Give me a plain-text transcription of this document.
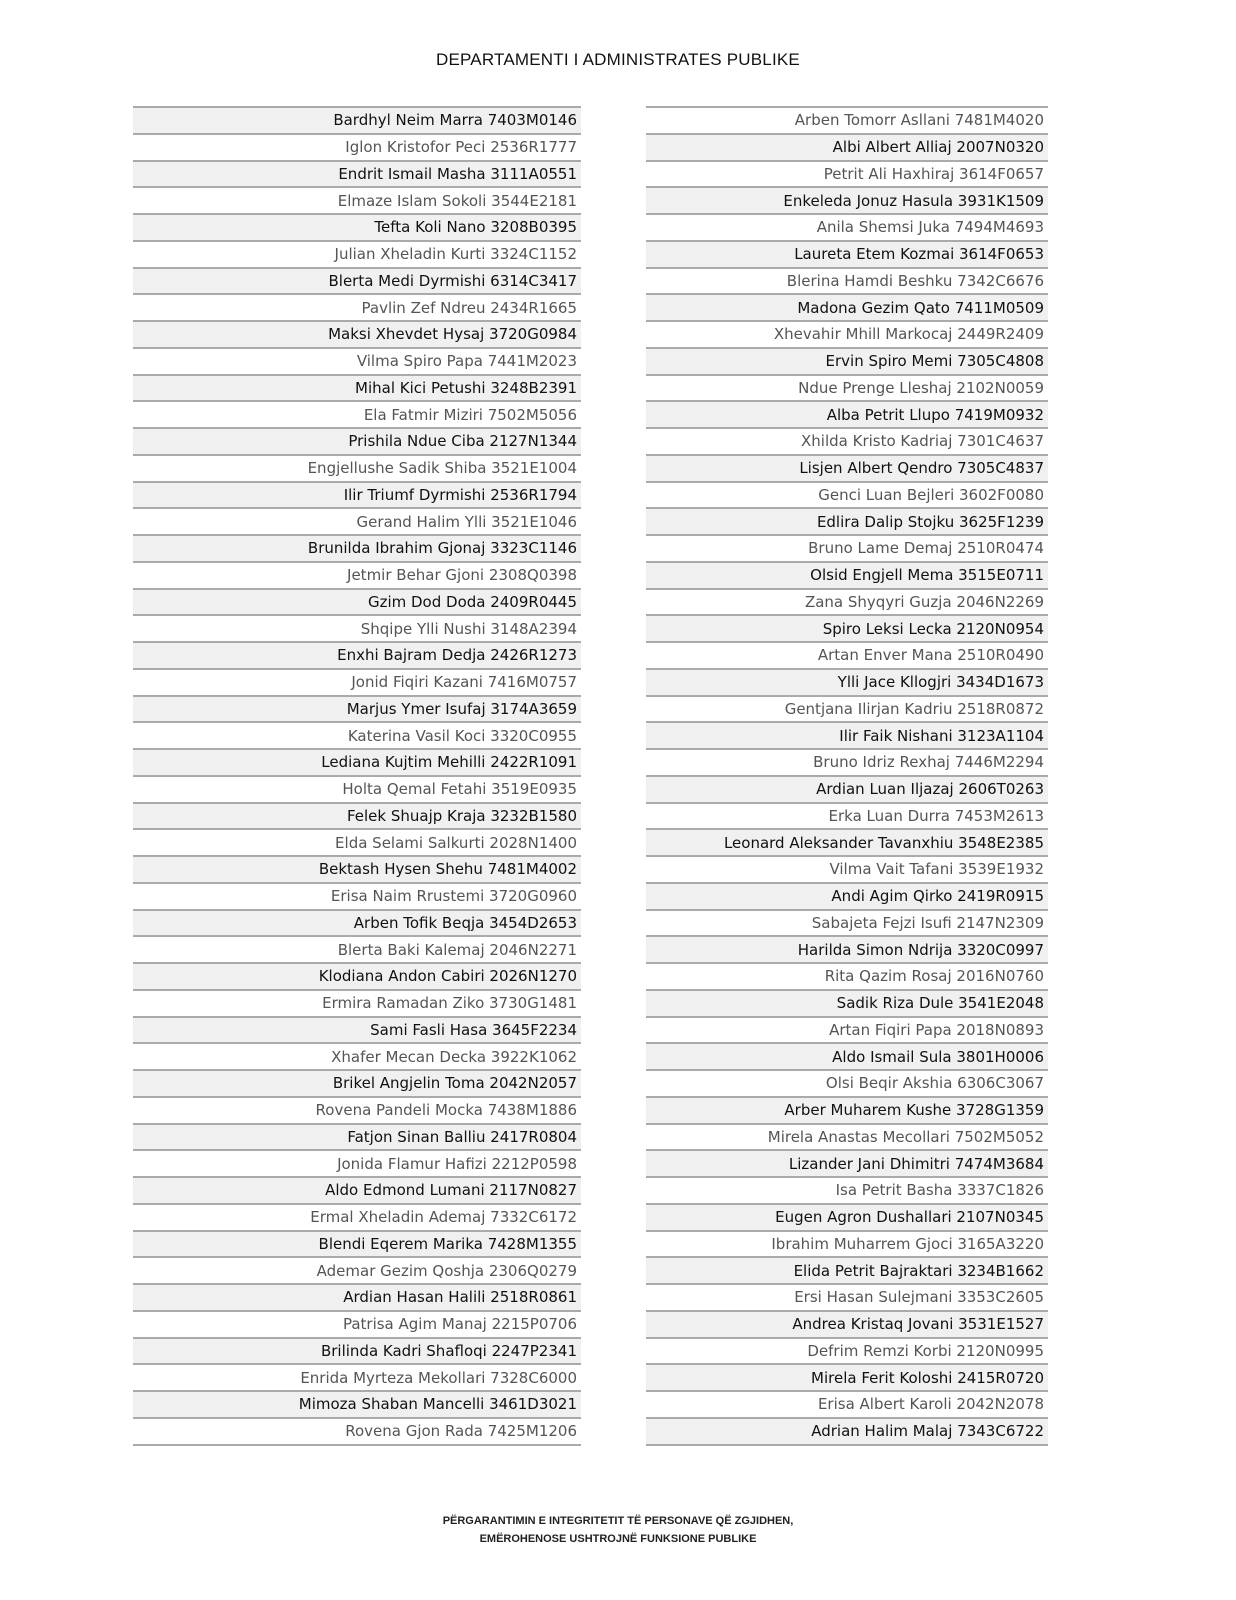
DEPARTAMENTI I ADMINISTRATES PUBLIKE
Bardhyl Neim Marra 7403M0146
Iglon Kristofor Peci 2536R1777
Endrit Ismail Masha 3111A0551
Elmaze Islam Sokoli 3544E2181
Tefta Koli Nano 3208B0395
Julian Xheladin Kurti 3324C1152
Blerta Medi Dyrmishi 6314C3417
Pavlin Zef Ndreu 2434R1665
Maksi Xhevdet Hysaj 3720G0984
Vilma Spiro Papa 7441M2023
Mihal Kici Petushi 3248B2391
Ela Fatmir Miziri 7502M5056
Prishila Ndue Ciba 2127N1344
Engjellushe Sadik Shiba 3521E1004
Ilir Triumf Dyrmishi 2536R1794
Gerand Halim Ylli 3521E1046
Brunilda Ibrahim Gjonaj 3323C1146
Jetmir Behar Gjoni 2308Q0398
Gzim Dod Doda 2409R0445
Shqipe Ylli Nushi 3148A2394
Enxhi Bajram Dedja 2426R1273
Jonid Fiqiri Kazani 7416M0757
Marjus Ymer Isufaj 3174A3659
Katerina Vasil Koci 3320C0955
Lediana Kujtim Mehilli 2422R1091
Holta Qemal Fetahi 3519E0935
Felek Shuajp Kraja 3232B1580
Elda Selami Salkurti 2028N1400
Bektash Hysen Shehu 7481M4002
Erisa Naim Rrustemi 3720G0960
Arben Tofik Beqja 3454D2653
Blerta Baki Kalemaj 2046N2271
Klodiana Andon Cabiri 2026N1270
Ermira Ramadan Ziko 3730G1481
Sami Fasli Hasa 3645F2234
Xhafer Mecan Decka 3922K1062
Brikel Angjelin Toma 2042N2057
Rovena Pandeli Mocka 7438M1886
Fatjon Sinan Balliu 2417R0804
Jonida Flamur Hafizi 2212P0598
Aldo Edmond Lumani 2117N0827
Ermal Xheladin Ademaj 7332C6172
Blendi Eqerem Marika 7428M1355
Ademar Gezim Qoshja 2306Q0279
Ardian Hasan Halili 2518R0861
Patrisa Agim Manaj 2215P0706
Brilinda Kadri Shafloqi 2247P2341
Enrida Myrteza Mekollari 7328C6000
Mimoza Shaban Mancelli 3461D3021
Rovena Gjon Rada 7425M1206
Arben Tomorr Asllani 7481M4020
Albi Albert Alliaj 2007N0320
Petrit Ali Haxhiraj 3614F0657
Enkeleda Jonuz Hasula 3931K1509
Anila Shemsi Juka 7494M4693
Laureta Etem Kozmai 3614F0653
Blerina Hamdi Beshku 7342C6676
Madona Gezim Qato 7411M0509
Xhevahir Mhill Markocaj 2449R2409
Ervin Spiro Memi 7305C4808
Ndue Prenge Lleshaj 2102N0059
Alba Petrit Llupo 7419M0932
Xhilda Kristo Kadriaj 7301C4637
Lisjen Albert Qendro 7305C4837
Genci Luan Bejleri 3602F0080
Edlira Dalip Stojku 3625F1239
Bruno Lame Demaj 2510R0474
Olsid Engjell Mema 3515E0711
Zana Shyqyri Guzja 2046N2269
Spiro Leksi Lecka 2120N0954
Artan Enver Mana 2510R0490
Ylli Jace Kllogjri 3434D1673
Gentjana Ilirjan Kadriu 2518R0872
Ilir Faik Nishani 3123A1104
Bruno Idriz Rexhaj 7446M2294
Ardian Luan Iljazaj 2606T0263
Erka Luan Durra 7453M2613
Leonard Aleksander Tavanxhiu 3548E2385
Vilma Vait Tafani 3539E1932
Andi Agim Qirko 2419R0915
Sabajeta Fejzi Isufi 2147N2309
Harilda Simon Ndrija 3320C0997
Rita Qazim Rosaj 2016N0760
Sadik Riza Dule 3541E2048
Artan Fiqiri Papa 2018N0893
Aldo Ismail Sula 3801H0006
Olsi Beqir Akshia 6306C3067
Arber Muharem Kushe 3728G1359
Mirela Anastas Mecollari 7502M5052
Lizander Jani Dhimitri 7474M3684
Isa Petrit Basha 3337C1826
Eugen Agron Dushallari 2107N0345
Ibrahim Muharrem Gjoci 3165A3220
Elida Petrit Bajraktari 3234B1662
Ersi Hasan Sulejmani 3353C2605
Andrea Kristaq Jovani 3531E1527
Defrim Remzi Korbi 2120N0995
Mirela Ferit Koloshi 2415R0720
Erisa Albert Karoli 2042N2078
Adrian Halim Malaj 7343C6722
PËRGARANTIMIN E INTEGRITETIT TË PERSONAVE QË ZGJIDHEN,
EMËROHENOSE USHTROJNË FUNKSIONE PUBLIKE
